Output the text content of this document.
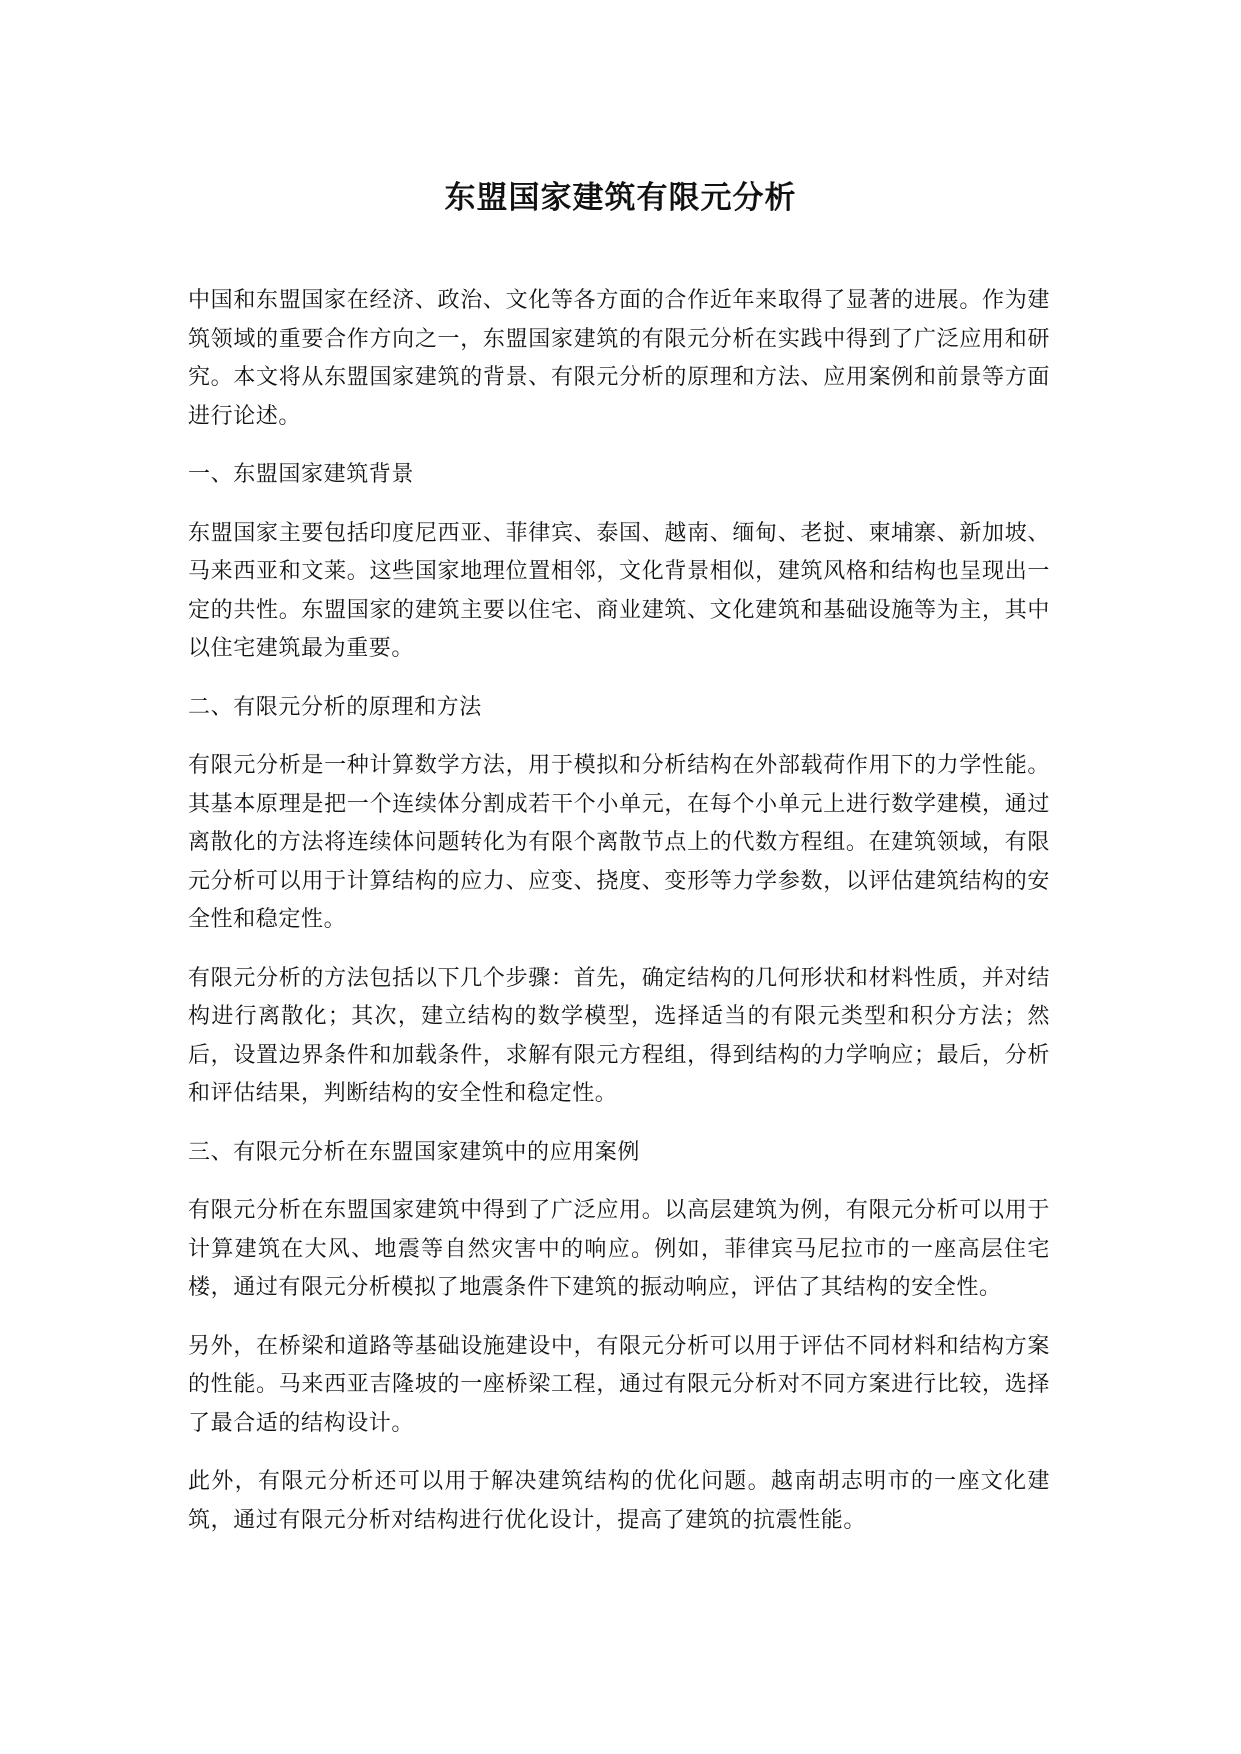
东盟国家建筑有限元分析

中国和东盟国家在经济、政治、文化等各方面的合作近年来取得了显著的进展。作为建筑领域的重要合作方向之一，东盟国家建筑的有限元分析在实践中得到了广泛应用和研究。本文将从东盟国家建筑的背景、有限元分析的原理和方法、应用案例和前景等方面进行论述。

一、东盟国家建筑背景

东盟国家主要包括印度尼西亚、菲律宾、泰国、越南、缅甸、老挝、柬埔寨、新加坡、马来西亚和文莱。这些国家地理位置相邻，文化背景相似，建筑风格和结构也呈现出一定的共性。东盟国家的建筑主要以住宅、商业建筑、文化建筑和基础设施等为主，其中以住宅建筑最为重要。

二、有限元分析的原理和方法

有限元分析是一种计算数学方法，用于模拟和分析结构在外部载荷作用下的力学性能。其基本原理是把一个连续体分割成若干个小单元，在每个小单元上进行数学建模，通过离散化的方法将连续体问题转化为有限个离散节点上的代数方程组。在建筑领域，有限元分析可以用于计算结构的应力、应变、挠度、变形等力学参数，以评估建筑结构的安全性和稳定性。

有限元分析的方法包括以下几个步骤：首先，确定结构的几何形状和材料性质，并对结构进行离散化；其次，建立结构的数学模型，选择适当的有限元类型和积分方法；然后，设置边界条件和加载条件，求解有限元方程组，得到结构的力学响应；最后，分析和评估结果，判断结构的安全性和稳定性。

三、有限元分析在东盟国家建筑中的应用案例

有限元分析在东盟国家建筑中得到了广泛应用。以高层建筑为例，有限元分析可以用于计算建筑在大风、地震等自然灾害中的响应。例如，菲律宾马尼拉市的一座高层住宅楼，通过有限元分析模拟了地震条件下建筑的振动响应，评估了其结构的安全性。

另外，在桥梁和道路等基础设施建设中，有限元分析可以用于评估不同材料和结构方案的性能。马来西亚吉隆坡的一座桥梁工程，通过有限元分析对不同方案进行比较，选择了最合适的结构设计。

此外，有限元分析还可以用于解决建筑结构的优化问题。越南胡志明市的一座文化建筑，通过有限元分析对结构进行优化设计，提高了建筑的抗震性能。
